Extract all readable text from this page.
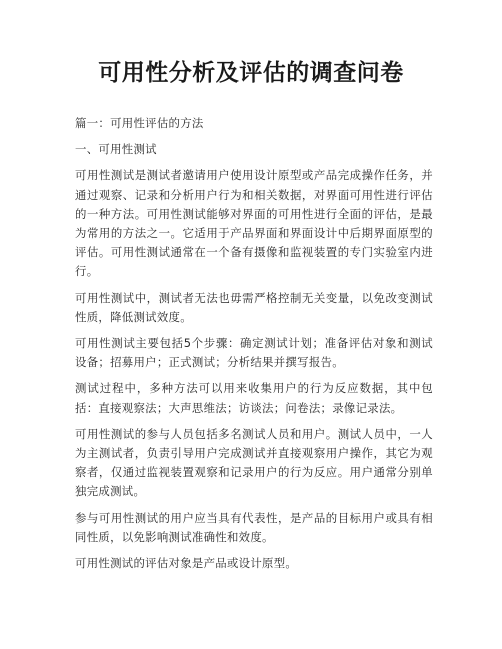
可用性分析及评估的调查问卷

篇一：可用性评估的方法

一、可用性测试

可用性测试是测试者邀请用户使用设计原型或产品完成操作任务，并通过观察、记录和分析用户行为和相关数据，对界面可用性进行评估的一种方法。可用性测试能够对界面的可用性进行全面的评估，是最为常用的方法之一。它适用于产品界面和界面设计中后期界面原型的评估。可用性测试通常在一个备有摄像和监视装置的专门实验室内进行。

可用性测试中，测试者无法也毋需严格控制无关变量，以免改变测试性质，降低测试效度。

可用性测试主要包括5个步骤：确定测试计划；准备评估对象和测试设备；招募用户；正式测试；分析结果并撰写报告。

测试过程中，多种方法可以用来收集用户的行为反应数据，其中包括：直接观察法；大声思维法；访谈法；问卷法；录像记录法。

可用性测试的参与人员包括多名测试人员和用户。测试人员中，一人为主测试者，负责引导用户完成测试并直接观察用户操作，其它为观察者，仅通过监视装置观察和记录用户的行为反应。用户通常分别单独完成测试。

参与可用性测试的用户应当具有代表性，是产品的目标用户或具有相同性质，以免影响测试准确性和效度。

可用性测试的评估对象是产品或设计原型。
